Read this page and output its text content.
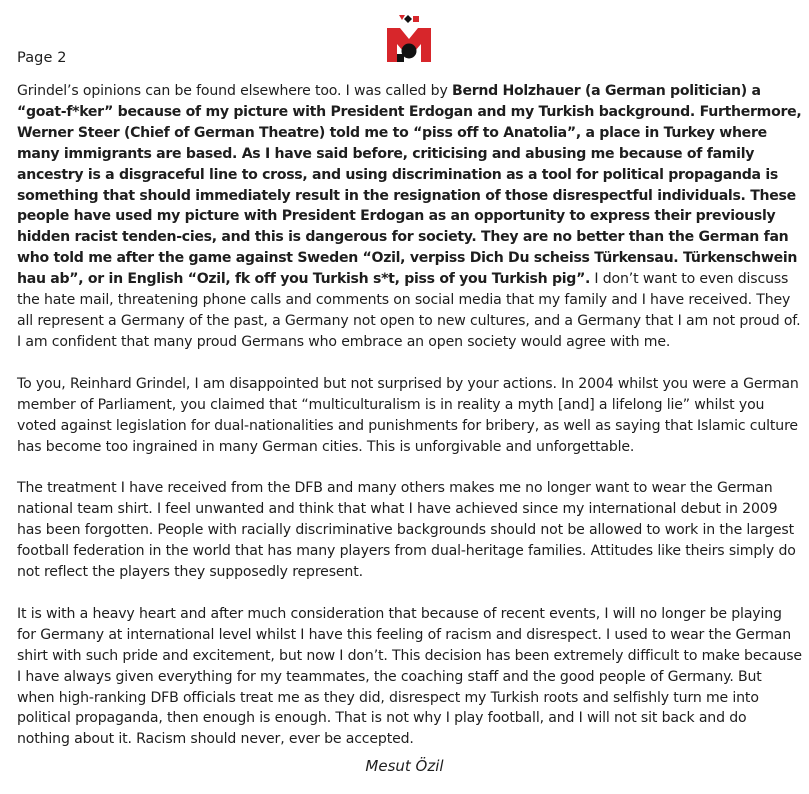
Page 2

Grindel’s opinions can be found elsewhere too. I was called by Bernd Holzhauer (a German politician) a “goat-f*ker” because of my picture with President Erdogan and my Turkish background. Furthermore, Werner Steer (Chief of German Theatre) told me to “piss off to Anatolia”, a place in Turkey where many immigrants are based. As I have said before, criticising and abusing me because of family ancestry is a disgraceful line to cross, and using discrimination as a tool for political propaganda is something that should immediately result in the resignation of those disrespectful individuals. These people have used my picture with President Erdogan as an opportunity to express their previously hidden racist tenden-cies, and this is dangerous for society. They are no better than the German fan who told me after the game against Sweden “Ozil, verpiss Dich Du scheiss Türkensau. Türkenschwein hau ab”, or in English “Ozil, fk off you Turkish s*t, piss of you Turkish pig”. I don’t want to even discuss the hate mail, threatening phone calls and comments on social media that my family and I have received. They all represent a Germany of the past, a Germany not open to new cultures, and a Germany that I am not proud of. I am confident that many proud Germans who embrace an open society would agree with me.

To you, Reinhard Grindel, I am disappointed but not surprised by your actions. In 2004 whilst you were a German member of Parliament, you claimed that “multiculturalism is in reality a myth [and] a lifelong lie” whilst you voted against legislation for dual-nationalities and punishments for bribery, as well as saying that Islamic culture has become too ingrained in many German cities. This is unforgivable and unforgettable.

The treatment I have received from the DFB and many others makes me no longer want to wear the German national team shirt. I feel unwanted and think that what I have achieved since my international debut in 2009 has been forgotten. People with racially discriminative backgrounds should not be allowed to work in the largest football federation in the world that has many players from dual-heritage families. Attitudes like theirs simply do not reflect the players they supposedly represent.

It is with a heavy heart and after much consideration that because of recent events, I will no longer be playing for Germany at international level whilst I have this feeling of racism and disrespect. I used to wear the German shirt with such pride and excitement, but now I don’t. This decision has been extremely difficult to make because I have always given everything for my teammates, the coaching staff and the good people of Germany. But when high-ranking DFB officials treat me as they did, disrespect my Turkish roots and selfishly turn me into political propaganda, then enough is enough. That is not why I play football, and I will not sit back and do nothing about it. Racism should never, ever be accepted.

Mesut Özil
